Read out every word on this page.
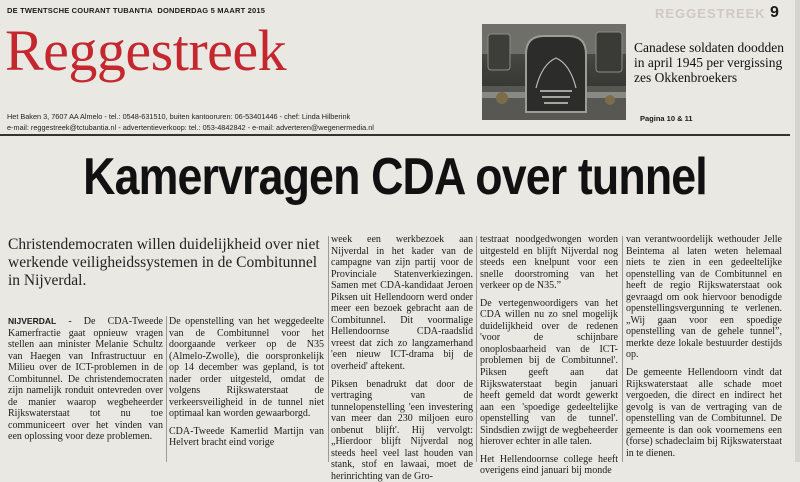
DE TWENTSCHE COURANT TUBANTIA DONDERDAG 5 MAART 2015	REGGESTREEK 9
Reggestreek
Het Baken 3, 7607 AA Almelo - tel.: 0548-631510, buiten kantooruren: 06-53401446 - chef: Linda Hilberink
e-mail: reggestreek@tctubantia.nl - advertentieverkoop: tel.: 053-4842842 - e-mail: adverteren@wegenermedia.nl
Canadese soldaten doodden in april 1945 per vergissing zes Okkenbroekers
Pagina 10 & 11
Kamervragen CDA over tunnel
Christendemocraten willen duidelijkheid over niet werkende veiligheidssystemen in de Combitunnel in Nijverdal.

NIJVERDAL - De CDA-Tweede Kamerfractie gaat opnieuw vragen stellen aan minister Melanie Schultz van Haegen van Infrastructuur en Milieu over de ICT-problemen in de Combitunnel. De christendemocraten zijn namelijk ronduit ontevreden over de manier waarop wegbeheerder Rijkswaterstaat tot nu toe communiceert over het vinden van een oplossing voor deze problemen.

De openstelling van het weggedeelte van de Combitunnel voor het doorgaande verkeer op de N35 (Almelo-Zwolle), die oorspronkelijk op 14 december was gepland, is tot nader order uitgesteld, omdat de volgens Rijkswaterstaat de verkeersveiligheid in de tunnel niet optimaal kan worden gewaarborgd.

CDA-Tweede Kamerlid Martijn van Helvert bracht eind vorige

week een werkbezoek aan Nijverdal in het kader van de campagne van zijn partij voor de Provinciale Statenverkiezingen. Samen met CDA-kandidaat Jeroen Piksen uit Hellendoorn werd onder meer een bezoek gebracht aan de Combitunnel. Dit voormalige Hellendoornse CDA-raadslid vreest dat zich zo langzamerhand 'een nieuw ICT-drama bij de overheid' aftekent.

Piksen benadrukt dat door de vertraging van de tunnelopenstelling 'een investering van meer dan 230 miljoen euro onbenut blijft'. Hij vervolgt: „Hierdoor blijft Nijverdal nog steeds heel veel last houden van stank, stof en lawaai, moet de herinrichting van de Gro-

testraat noodgedwongen worden uitgesteld en blijft Nijverdal nog steeds een knelpunt voor een snelle doorstroming van het verkeer op de N35.”

De vertegenwoordigers van het CDA willen nu zo snel mogelijk duidelijkheid over de redenen 'voor de schijnbare onoplosbaarheid van de ICT-problemen bij de Combitunnel'. Piksen geeft aan dat Rijkswaterstaat begin januari heeft gemeld dat wordt gewerkt aan een 'spoedige gedeeltelijke openstelling van de tunnel'. Sindsdien zwijgt de wegbeheerder hierover echter in alle talen.

Het Hellendoornse college heeft overigens eind januari bij monde

van verantwoordelijk wethouder Jelle Beintema al laten weten helemaal niets te zien in een gedeeltelijke openstelling van de Combitunnel en heeft de regio Rijkswaterstaat ook gevraagd om ook hiervoor benodigde openstellingsvergunning te verlenen. „Wij gaan voor een spoedige openstelling van de gehele tunnel”, merkte deze lokale bestuurder destijds op.

De gemeente Hellendoorn vindt dat Rijkswaterstaat alle schade moet vergoeden, die direct en indirect het gevolg is van de vertraging van de openstelling van de Combitunnel. De gemeente is dan ook voornemens een (forse) schadeclaim bij Rijkswaterstaat in te dienen.
